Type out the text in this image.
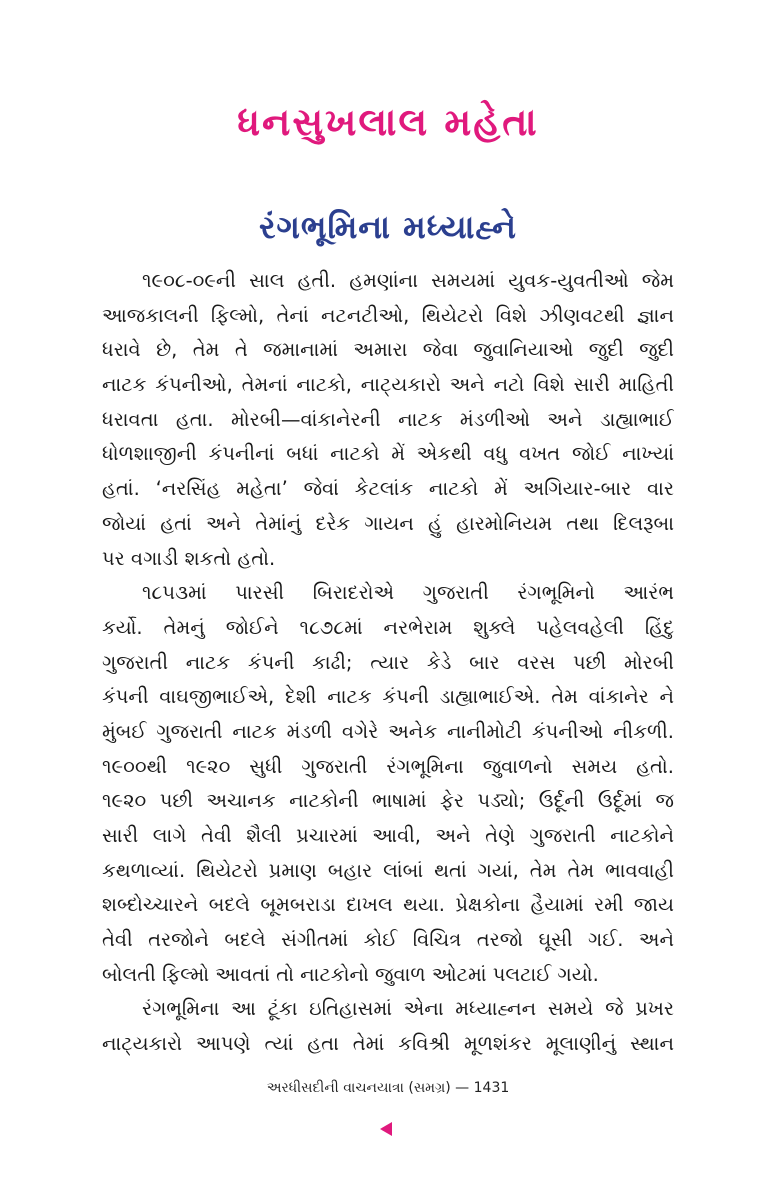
ધનસુખલાલ મહેતા
રંગભૂમિના મધ્યાહ્ને
૧૯૦૮-૦૯ની સાલ હતી. હમણાંના સમયમાં યુવક-યુવતીઓ જેમ
આજકાલની ફિલ્મો, તેનાં નટનટીઓ, થિયેટરો વિશે ઝીણવટથી જ્ઞાન
ધરાવે છે, તેમ તે જમાનામાં અમારા જેવા જુવાનિયાઓ જુદી જુદી
નાટક કંપનીઓ, તેમનાં નાટકો, નાટ્યકારો અને નટો વિશે સારી માહિતી
ધરાવતા હતા. મોરબી—વાંકાનેરની નાટક મંડળીઓ અને ડાહ્યાભાઈ
ધોળશાજીની કંપનીનાં બધાં નાટકો મેં એકથી વધુ વખત જોઈ નાખ્યાં
હતાં. ‘નરસિંહ મહેતા’ જેવાં કેટલાંક નાટકો મેં અગિયાર-બાર વાર
જોયાં હતાં અને તેમાંનું દરેક ગાયન હું હારમોનિયમ તથા દિલરૂબા
પર વગાડી શકતો હતો.
૧૮૫૩માં પારસી બિરાદરોએ ગુજરાતી રંગભૂમિનો આરંભ
કર્યો. તેમનું જોઈને ૧૮૭૮માં નરભેરામ શુક્લે પહેલવહેલી હિંદુ
ગુજરાતી નાટક કંપની કાઢી; ત્યાર કેડે બાર વરસ પછી મોરબી
કંપની વાઘજીભાઈએ, દેશી નાટક કંપની ડાહ્યાભાઈએ. તેમ વાંકાનેર ને
મુંબઈ ગુજરાતી નાટક મંડળી વગેરે અનેક નાનીમોટી કંપનીઓ નીકળી.
૧૯૦૦થી ૧૯૨૦ સુધી ગુજરાતી રંગભૂમિના જુવાળનો સમય હતો.
૧૯૨૦ પછી અચાનક નાટકોની ભાષામાં ફેર પડ્યો; ઉર્દૂની ઉર્દૂમાં જ
સારી લાગે તેવી શૈલી પ્રચારમાં આવી, અને તેણે ગુજરાતી નાટકોને
કથળાવ્યાં. થિયેટરો પ્રમાણ બહાર લાંબાં થતાં ગયાં, તેમ તેમ ભાવવાહી
શબ્દોચ્ચારને બદલે બૂમબરાડા દાખલ થયા. પ્રેક્ષકોના હૈયામાં રમી જાય
તેવી તરજોને બદલે સંગીતમાં કોઈ વિચિત્ર તરજો ઘૂસી ગઈ. અને
બોલતી ફિલ્મો આવતાં તો નાટકોનો જુવાળ ઓટમાં પલટાઈ ગયો.
રંગભૂમિના આ ટૂંકા ઇતિહાસમાં એના મધ્યાહ્નન સમયે જે પ્રખર
નાટ્યકારો આપણે ત્યાં હતા તેમાં કવિશ્રી મૂળશંકર મૂલાણીનું સ્થાન
અરધીસદીની વાચનયાત્રા (સમગ્ર) — 1431
